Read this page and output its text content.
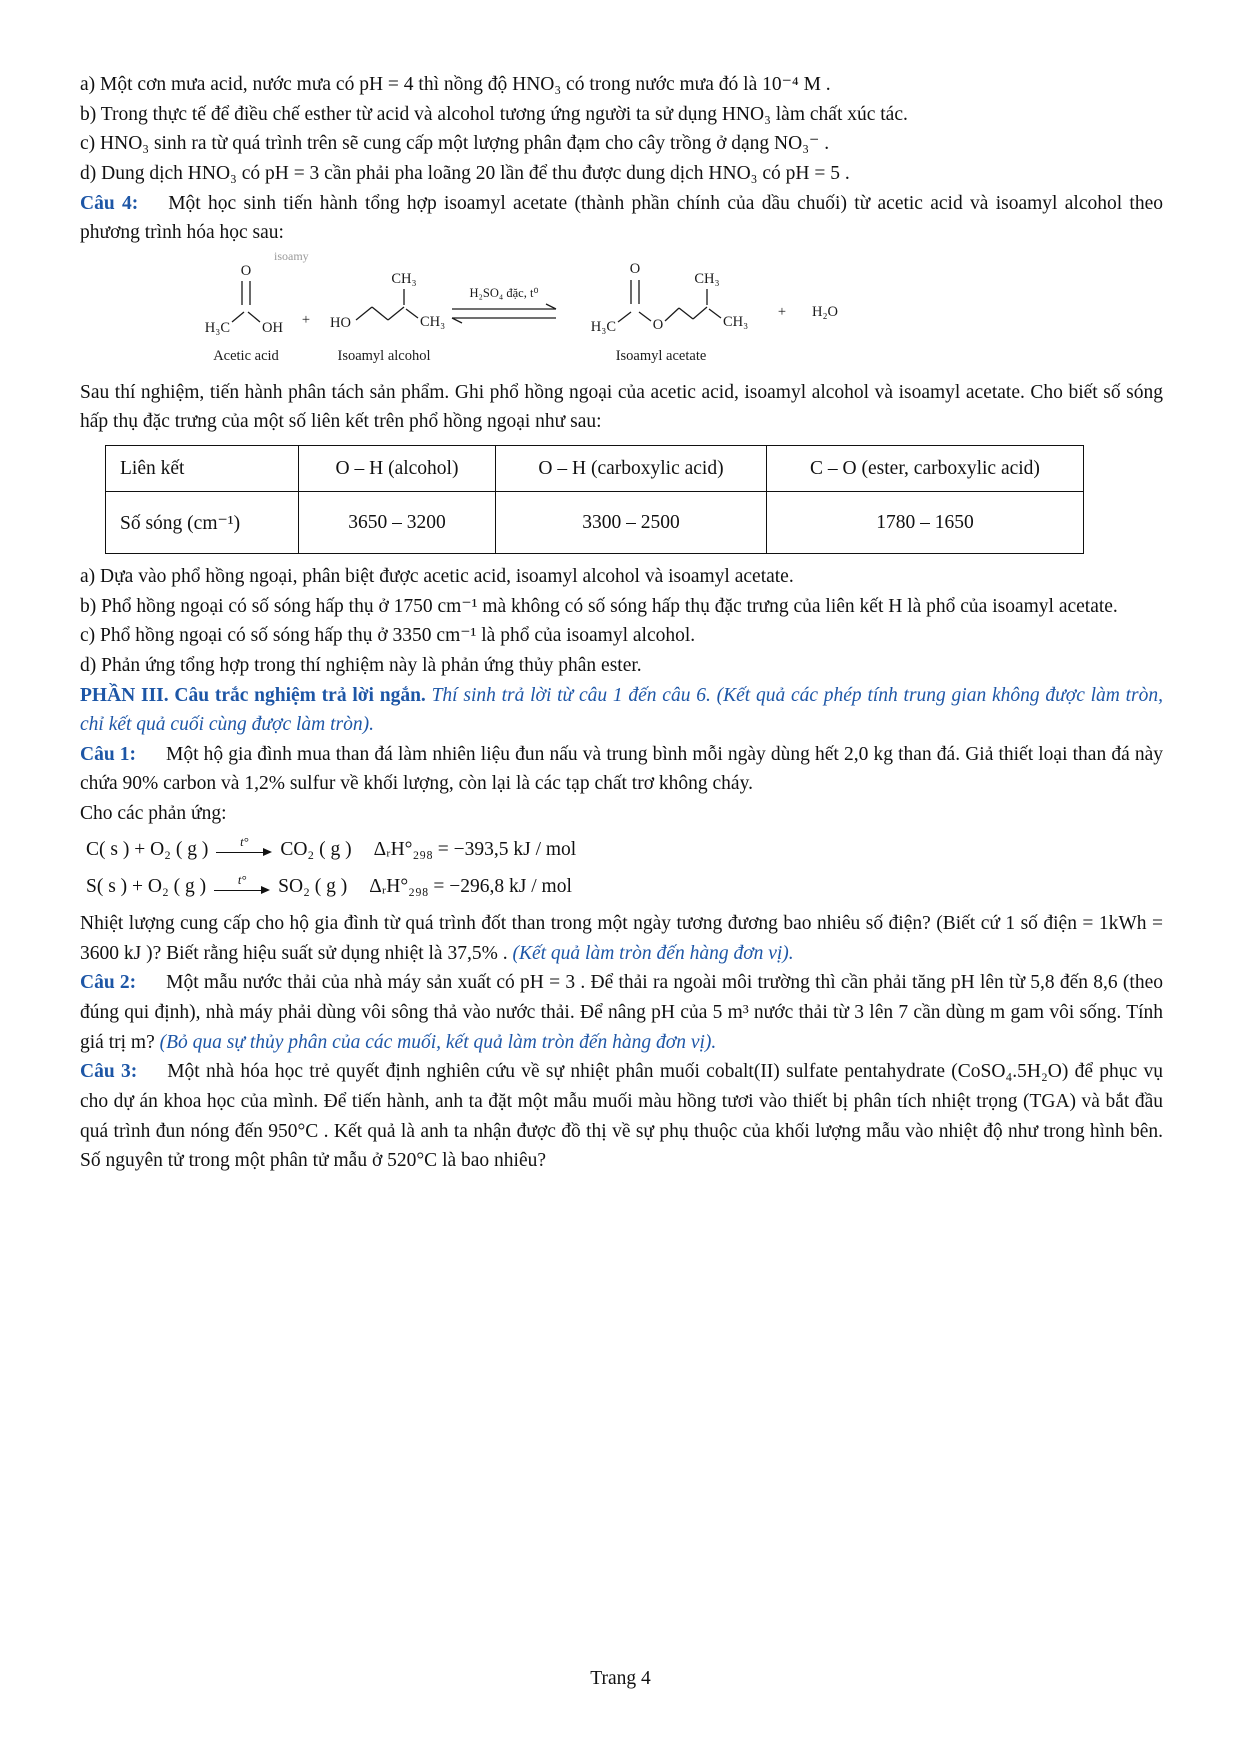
a) Một cơn mưa acid, nước mưa có pH = 4 thì nồng độ HNO₃ có trong nước mưa đó là 10⁻⁴ M .

b) Trong thực tế để điều chế esther từ acid và alcohol tương ứng người ta sử dụng HNO₃ làm chất xúc tác.

c) HNO₃ sinh ra từ quá trình trên sẽ cung cấp một lượng phân đạm cho cây trồng ở dạng NO₃⁻ .

d) Dung dịch HNO₃ có pH = 3 cần phải pha loãng 20 lần để thu được dung dịch HNO₃ có pH = 5 .

Câu 4: Một học sinh tiến hành tổng hợp isoamyl acetate (thành phần chính của dầu chuối) từ acetic acid và isoamyl alcohol theo phương trình hóa học sau:

isoamy
O
H₃C OH
Acetic acid
+ HO
CH₃
CH₃
Isoamyl alcohol
H₂SO₄ đặc, t⁰
H₃C
O
O
CH₃
CH₃
Isoamyl acetate
+ H₂O

Sau thí nghiệm, tiến hành phân tách sản phẩm. Ghi phổ hồng ngoại của acetic acid, isoamyl alcohol và isoamyl acetate. Cho biết số sóng hấp thụ đặc trưng của một số liên kết trên phổ hồng ngoại như sau:

Liên kết	O – H (alcohol)	O – H (carboxylic acid)	C – O (ester, carboxylic acid)
Số sóng (cm⁻¹)	3650 – 3200	3300 – 2500	1780 – 1650

a) Dựa vào phổ hồng ngoại, phân biệt được acetic acid, isoamyl alcohol và isoamyl acetate.

b) Phổ hồng ngoại có số sóng hấp thụ ở 1750 cm⁻¹ mà không có số sóng hấp thụ đặc trưng của liên kết H là phổ của isoamyl acetate.

c) Phổ hồng ngoại có số sóng hấp thụ ở 3350 cm⁻¹ là phổ của isoamyl alcohol.

d) Phản ứng tổng hợp trong thí nghiệm này là phản ứng thủy phân ester.

PHẦN III. Câu trắc nghiệm trả lời ngắn. Thí sinh trả lời từ câu 1 đến câu 6. (Kết quả các phép tính trung gian không được làm tròn, chỉ kết quả cuối cùng được làm tròn).

Câu 1: Một hộ gia đình mua than đá làm nhiên liệu đun nấu và trung bình mỗi ngày dùng hết 2,0 kg than đá. Giả thiết loại than đá này chứa 90% carbon và 1,2% sulfur về khối lượng, còn lại là các tạp chất trơ không cháy.

Cho các phản ứng:

C( s ) + O₂ ( g )	t° CO₂ ( g ) ΔᵣH°₂₉₈ = −393,5 kJ / mol
S( s ) + O₂ ( g )	t° SO₂ ( g ) ΔᵣH°₂₉₈ = −296,8 kJ / mol

Nhiệt lượng cung cấp cho hộ gia đình từ quá trình đốt than trong một ngày tương đương bao nhiêu số điện? (Biết cứ 1 số điện = 1kWh = 3600 kJ )? Biết rằng hiệu suất sử dụng nhiệt là 37,5% . (Kết quả làm tròn đến hàng đơn vị).

Câu 2: Một mẫu nước thải của nhà máy sản xuất có pH = 3 . Để thải ra ngoài môi trường thì cần phải tăng pH lên từ 5,8 đến 8,6 (theo đúng qui định), nhà máy phải dùng vôi sông thả vào nước thải. Để nâng pH của 5 m³ nước thải từ 3 lên 7 cần dùng m gam vôi sống. Tính giá trị m? (Bỏ qua sự thủy phân của các muối, kết quả làm tròn đến hàng đơn vị).

Câu 3: Một nhà hóa học trẻ quyết định nghiên cứu về sự nhiệt phân muối cobalt(II) sulfate pentahydrate (CoSO₄.5H₂O) để phục vụ cho dự án khoa học của mình. Để tiến hành, anh ta đặt một mẫu muối màu hồng tươi vào thiết bị phân tích nhiệt trọng (TGA) và bắt đầu quá trình đun nóng đến 950°C . Kết quả là anh ta nhận được đồ thị về sự phụ thuộc của khối lượng mẫu vào nhiệt độ như trong hình bên. Số nguyên tử trong một phân tử mẫu ở 520°C là bao nhiêu?

Trang 4
